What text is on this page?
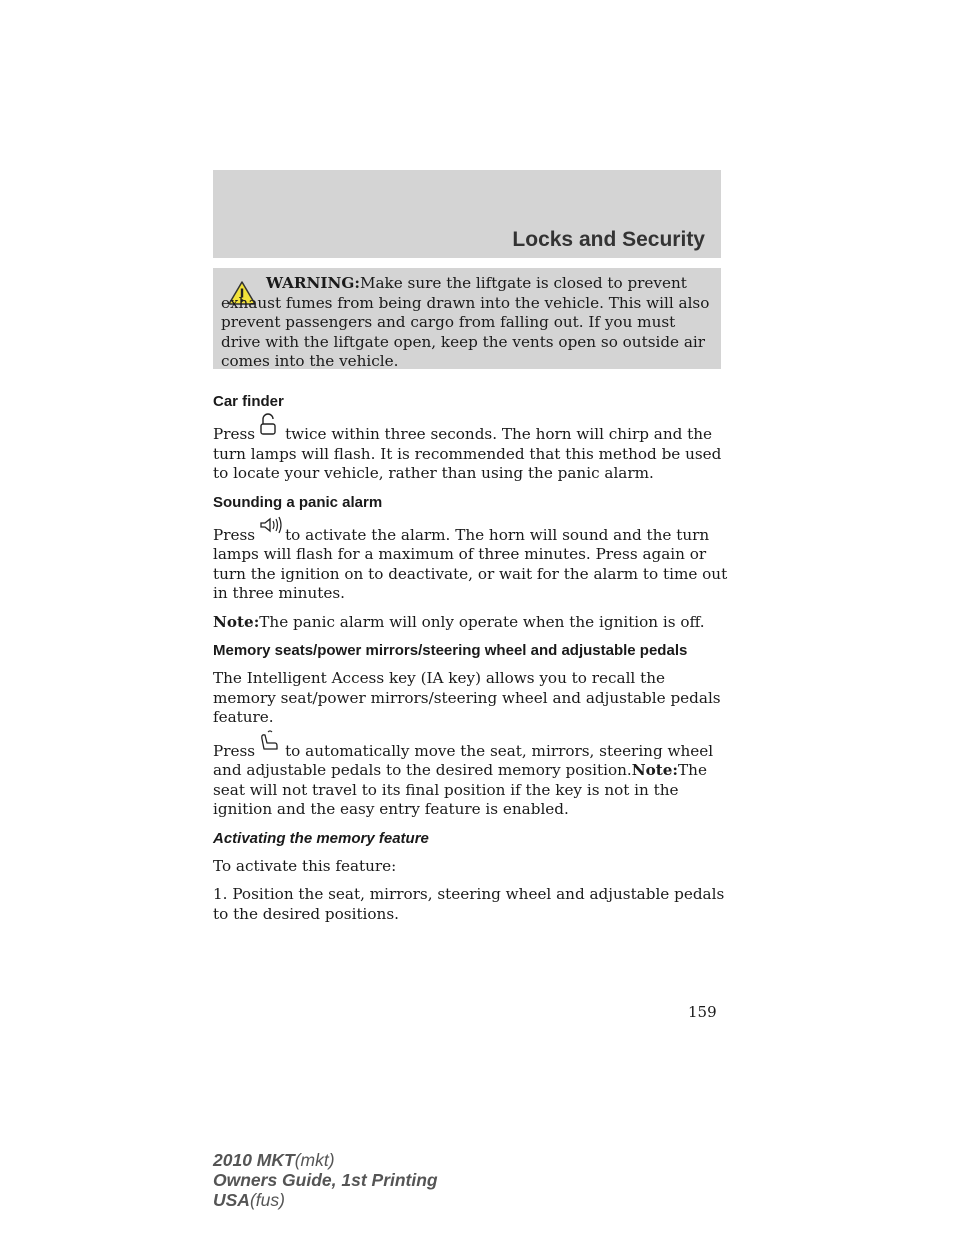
Locks and Security
WARNING:Make sure the liftgate is closed to prevent exhaust fumes from being drawn into the vehicle. This will also prevent passengers and cargo from falling out. If you must drive with the liftgate open, keep the vents open so outside air comes into the vehicle.
Car finder

Press twice within three seconds. The horn will chirp and the turn lamps will flash. It is recommended that this method be used to locate your vehicle, rather than using the panic alarm.

Sounding a panic alarm

Press to activate the alarm. The horn will sound and the turn lamps will flash for a maximum of three minutes. Press again or turn the ignition on to deactivate, or wait for the alarm to time out in three minutes.

Note:The panic alarm will only operate when the ignition is off.

Memory seats/power mirrors/steering wheel and adjustable pedals

The Intelligent Access key (IA key) allows you to recall the memory seat/power mirrors/steering wheel and adjustable pedals feature.

Press to automatically move the seat, mirrors, steering wheel and adjustable pedals to the desired memory position.Note:The seat will not travel to its final position if the key is not in the ignition and the easy entry feature is enabled.

Activating the memory feature

To activate this feature:

1. Position the seat, mirrors, steering wheel and adjustable pedals to the desired positions.

159
2010 MKT(mkt)
Owners Guide, 1st Printing
USA(fus)
